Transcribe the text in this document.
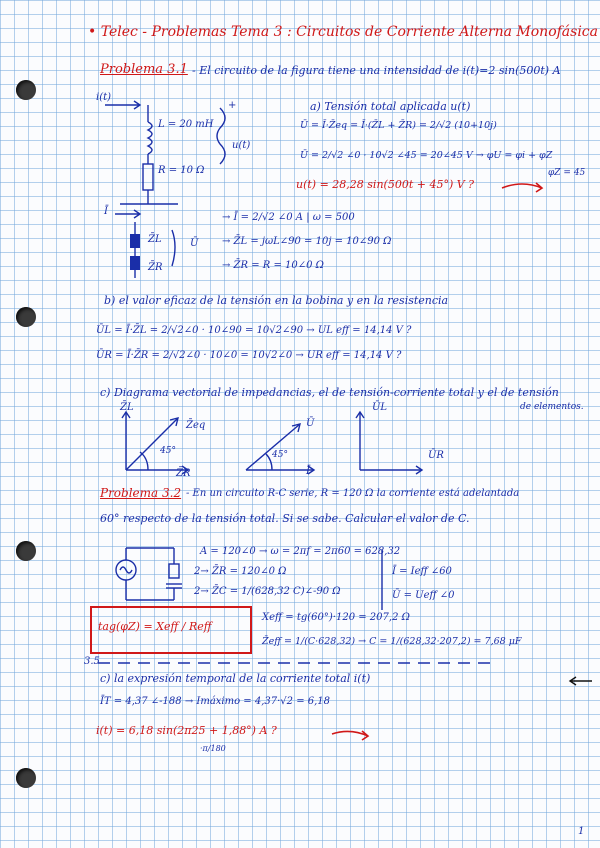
• Telec - Problemas Tema 3 : Circuitos de Corriente Alterna Monofásica
Problema 3.1 - El circuito de la figura tiene una intensidad de i(t)=2 sin(500t) A
i(t)
L = 20 mH
R = 10 Ω
u(t)
+	a) Tensión total aplicada u(t)
Ū = Ī·Z̄eq = Ī·(Z̄L + Z̄R) = 2/√2 (10+10j)
Ū = 2/√2 ∠0 · 10√2 ∠45 = 20∠45 V → φU = φi + φZ
φZ = 45
u(t) = 28,28 sin(500t + 45°) V ?
Ī
Z̄L
Z̄R
Ū
→ Ī = 2/√2 ∠0 A | ω = 500
→ Z̄L = jωL∠90 = 10j = 10∠90 Ω
→ Z̄R = R = 10∠0 Ω
b) el valor eficaz de la tensión en la bobina y en la resistencia
ŪL = Ī·Z̄L = 2/√2∠0 · 10∠90 = 10√2∠90 → UL eff = 14,14 V ?
ŪR = Ī·Z̄R = 2/√2∠0 · 10∠0 = 10√2∠0 → UR eff = 14,14 V ?
c) Diagrama vectorial de impedancias, el de tensión-corriente total y el de tensión
de elementos.
Z̄L
Z̄eq
Z̄R
45°
Ū
Ī
45°
ŪL
ŪR
Problema 3.2 - En un circuito R-C serie, R = 120 Ω la corriente está adelantada
60° respecto de la tensión total. Si se sabe. Calcular el valor de C.
A = 120∠0 → ω = 2πf = 2π60 = 628,32
2→ Z̄R = 120∠0 Ω
2→ Z̄C = 1/(628,32 C)∠-90 Ω
Ī = Ieff ∠60
Ū = Ueff ∠0
tag(φZ) = Xeff / Reff
Xeff = tg(60°)·120 = 207,2 Ω
Z̄eff = 1/(C·628,32) → C = 1/(628,32·207,2) = 7,68 μF
3.5
c) la expresión temporal de la corriente total i(t)
ĪT = 4,37 ∠-188 → Imáximo = 4,37·√2 = 6,18
i(t) = 6,18 sin(2π25 + 1,88°) A ?
·π/180
1
